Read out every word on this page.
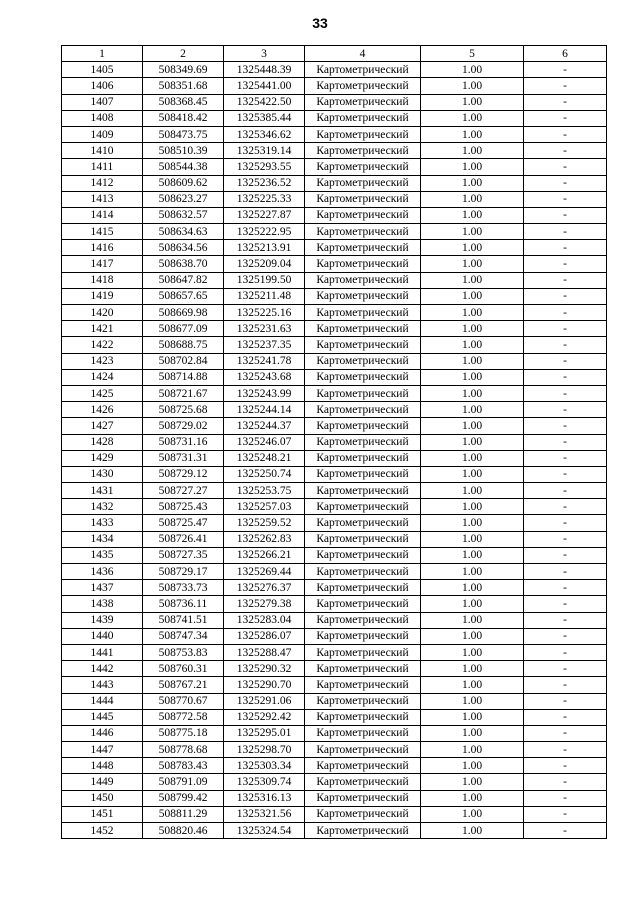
33
1	2	3	4	5	6
1405	508349.69	1325448.39	Картометрический	1.00	-
1406	508351.68	1325441.00	Картометрический	1.00	-
1407	508368.45	1325422.50	Картометрический	1.00	-
1408	508418.42	1325385.44	Картометрический	1.00	-
1409	508473.75	1325346.62	Картометрический	1.00	-
1410	508510.39	1325319.14	Картометрический	1.00	-
1411	508544.38	1325293.55	Картометрический	1.00	-
1412	508609.62	1325236.52	Картометрический	1.00	-
1413	508623.27	1325225.33	Картометрический	1.00	-
1414	508632.57	1325227.87	Картометрический	1.00	-
1415	508634.63	1325222.95	Картометрический	1.00	-
1416	508634.56	1325213.91	Картометрический	1.00	-
1417	508638.70	1325209.04	Картометрический	1.00	-
1418	508647.82	1325199.50	Картометрический	1.00	-
1419	508657.65	1325211.48	Картометрический	1.00	-
1420	508669.98	1325225.16	Картометрический	1.00	-
1421	508677.09	1325231.63	Картометрический	1.00	-
1422	508688.75	1325237.35	Картометрический	1.00	-
1423	508702.84	1325241.78	Картометрический	1.00	-
1424	508714.88	1325243.68	Картометрический	1.00	-
1425	508721.67	1325243.99	Картометрический	1.00	-
1426	508725.68	1325244.14	Картометрический	1.00	-
1427	508729.02	1325244.37	Картометрический	1.00	-
1428	508731.16	1325246.07	Картометрический	1.00	-
1429	508731.31	1325248.21	Картометрический	1.00	-
1430	508729.12	1325250.74	Картометрический	1.00	-
1431	508727.27	1325253.75	Картометрический	1.00	-
1432	508725.43	1325257.03	Картометрический	1.00	-
1433	508725.47	1325259.52	Картометрический	1.00	-
1434	508726.41	1325262.83	Картометрический	1.00	-
1435	508727.35	1325266.21	Картометрический	1.00	-
1436	508729.17	1325269.44	Картометрический	1.00	-
1437	508733.73	1325276.37	Картометрический	1.00	-
1438	508736.11	1325279.38	Картометрический	1.00	-
1439	508741.51	1325283.04	Картометрический	1.00	-
1440	508747.34	1325286.07	Картометрический	1.00	-
1441	508753.83	1325288.47	Картометрический	1.00	-
1442	508760.31	1325290.32	Картометрический	1.00	-
1443	508767.21	1325290.70	Картометрический	1.00	-
1444	508770.67	1325291.06	Картометрический	1.00	-
1445	508772.58	1325292.42	Картометрический	1.00	-
1446	508775.18	1325295.01	Картометрический	1.00	-
1447	508778.68	1325298.70	Картометрический	1.00	-
1448	508783.43	1325303.34	Картометрический	1.00	-
1449	508791.09	1325309.74	Картометрический	1.00	-
1450	508799.42	1325316.13	Картометрический	1.00	-
1451	508811.29	1325321.56	Картометрический	1.00	-
1452	508820.46	1325324.54	Картометрический	1.00	-
